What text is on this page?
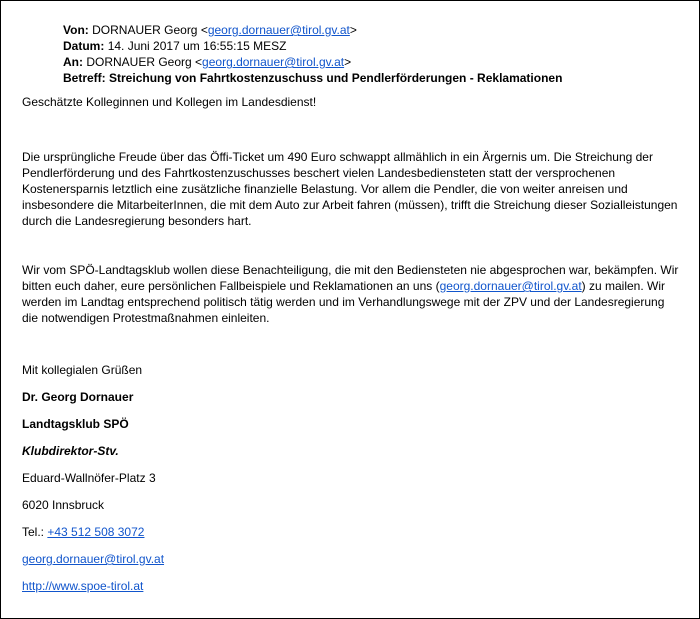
Von: DORNAUER Georg <georg.dornauer@tirol.gv.at>
Datum: 14. Juni 2017 um 16:55:15 MESZ
An: DORNAUER Georg <georg.dornauer@tirol.gv.at>
Betreff: Streichung von Fahrtkostenzuschuss und Pendlerförderungen - Reklamationen
Geschätzte Kolleginnen und Kollegen im Landesdienst!
Die ursprüngliche Freude über das Öffi-Ticket um 490 Euro schwappt allmählich in ein Ärgernis um. Die Streichung der Pendlerförderung und des Fahrtkostenzuschusses beschert vielen Landesbediensteten statt der versprochenen Kostenersparnis letztlich eine zusätzliche finanzielle Belastung. Vor allem die Pendler, die von weiter anreisen und insbesondere die MitarbeiterInnen, die mit dem Auto zur Arbeit fahren (müssen), trifft die Streichung dieser Sozialleistungen durch die Landesregierung besonders hart.
Wir vom SPÖ-Landtagsklub wollen diese Benachteiligung, die mit den Bediensteten nie abgesprochen war, bekämpfen. Wir bitten euch daher, eure persönlichen Fallbeispiele und Reklamationen an uns (georg.dornauer@tirol.gv.at) zu mailen. Wir werden im Landtag entsprechend politisch tätig werden und im Verhandlungswege mit der ZPV und der Landesregierung die notwendigen Protestmaßnahmen einleiten.
Mit kollegialen Grüßen
Dr. Georg Dornauer
Landtagsklub SPÖ
Klubdirektor-Stv.
Eduard-Wallnöfer-Platz 3
6020 Innsbruck
Tel.: +43 512 508 3072
georg.dornauer@tirol.gv.at
http://www.spoe-tirol.at
